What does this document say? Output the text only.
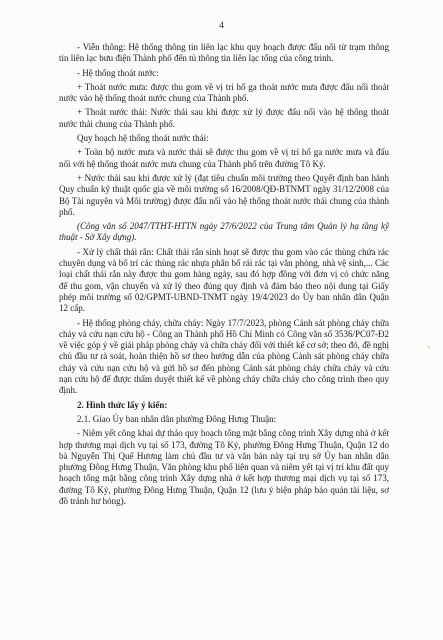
4

- Viễn thông: Hệ thống thông tin liên lạc khu quy hoạch được đấu nối từ trạm thông tin liên lạc bưu điện Thành phố đến tủ thông tin liên lạc tổng của công trình.

- Hệ thống thoát nước:

+ Thoát nước mưa: được thu gom về vị trí hố ga thoát nước mưa được đấu nối thoát nước vào hệ thống thoát nước chung của Thành phố.

+ Thoát nước thải: Nước thải sau khi được xử lý được đấu nối vào hệ thống thoát nước thải chung của Thành phố.

Quy hoạch hệ thống thoát nước thải:

+ Toàn bộ nước mưa và nước thải sẽ được thu gom về vị trí hố ga nước mưa và đấu nối với hệ thống thoát nước mưa chung của Thành phố trên đường Tô Ký.

+ Nước thải sau khi được xử lý (đạt tiêu chuẩn môi trường theo Quyết định ban hành Quy chuẩn kỹ thuật quốc gia về môi trường số 16/2008/QĐ-BTNMT ngày 31/12/2008 của Bộ Tài nguyên và Môi trường) được đấu nối vào hệ thống thoát nước thải chung của thành phố.

(Công văn số 2047/TTHT-HTTN ngày 27/6/2022 của Trung tâm Quản lý hạ tầng kỹ thuật - Sở Xây dựng).

- Xử lý chất thải rắn: Chất thải rắn sinh hoạt sẽ được thu gom vào các thùng chứa rác chuyên dụng và bố trí các thùng rác nhựa phân bố rải rác tại văn phòng, nhà vệ sinh,... Các loại chất thải rắn này được thu gom hàng ngày, sau đó hợp đồng với đơn vị có chức năng để thu gom, vận chuyển và xử lý theo đúng quy định và đảm bảo theo nội dung tại Giấy phép môi trường số 02/GPMT-UBND-TNMT ngày 19/4/2023 do Ủy ban nhân dân Quận 12 cấp.

- Hệ thống phòng cháy, chữa cháy: Ngày 17/7/2023, phòng Cảnh sát phòng cháy chữa cháy và cứu nạn cứu hộ - Công an Thành phố Hồ Chí Minh có Công văn số 3536/PC07-Đ2 về việc góp ý về giải pháp phòng cháy và chữa cháy đối với thiết kế cơ sở; theo đó, đề nghị chủ đầu tư rà soát, hoàn thiện hồ sơ theo hướng dẫn của phòng Cảnh sát phòng cháy chữa cháy và cứu nạn cứu hộ và gửi hồ sơ đến phòng Cảnh sát phòng cháy chữa cháy và cứu nạn cứu hộ để được thẩm duyệt thiết kế về phòng cháy chữa cháy cho công trình theo quy định.

2. Hình thức lấy ý kiến:

2.1. Giao Ủy ban nhân dân phường Đông Hưng Thuận:

- Niêm yết công khai dự thảo quy hoạch tổng mặt bằng công trình Xây dựng nhà ở kết hợp thương mại dịch vụ tại số 173, đường Tô Ký, phường Đông Hưng Thuận, Quận 12 do bà Nguyễn Thị Quế Hương làm chủ đầu tư và văn bản này tại trụ sở Ủy ban nhân dân phường Đông Hưng Thuận, Văn phòng khu phố liên quan và niêm yết tại vị trí khu đất quy hoạch tổng mặt bằng công trình Xây dựng nhà ở kết hợp thương mại dịch vụ tại số 173, đường Tô Ký, phường Đông Hưng Thuận, Quận 12 (lưu ý biện pháp bảo quản tài liệu, sơ đồ tránh hư hỏng).

\
